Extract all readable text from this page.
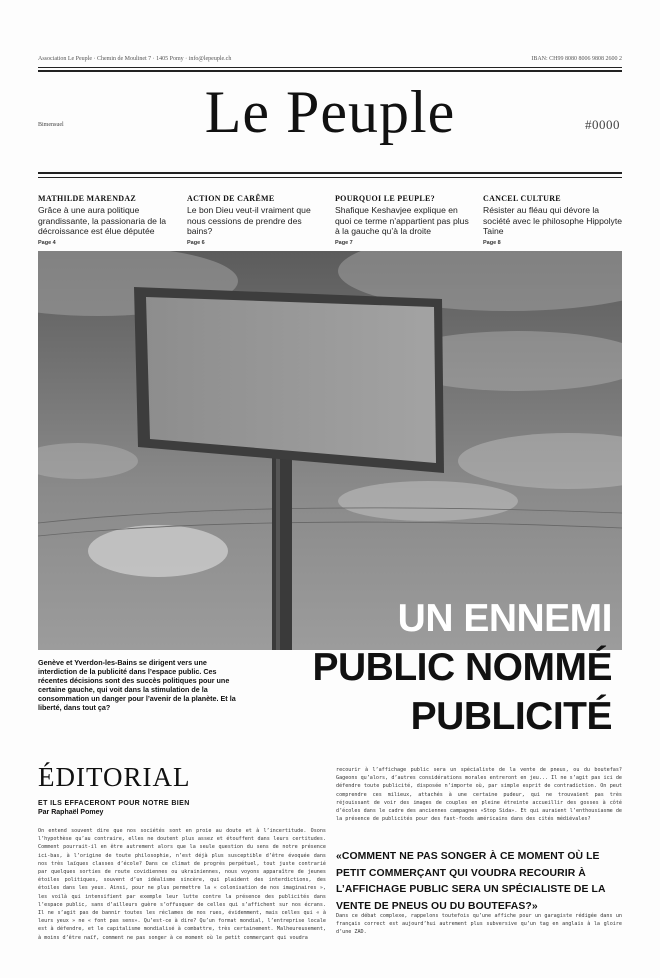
Association Le Peuple · Chemin de Moulinet 7 · 1405 Pomy · info@lepeuple.ch	IBAN: CH99 8080 8006 9808 2600 2
Bimensuel	Le Peuple	#0000
MATHILDE MARENDAZ
Grâce à une aura politique grandissante, la passionaria de la décroissance est élue députée
Page 4
ACTION DE CARÊME
Le bon Dieu veut-il vraiment que nous cessions de prendre des bains?
Page 6
POURQUOI LE PEUPLE?
Shafique Keshavjee explique en quoi ce terme n’appartient pas plus à la gauche qu’à la droite
Page 7
CANCEL CULTURE
Résister au fléau qui dévore la société avec le philosophe Hippolyte Taine
Page 8
UN ENNEMI
PUBLIC NOMMÉ
PUBLICITÉ
Genève et Yverdon-les-Bains se dirigent vers une interdiction de la publicité dans l’espace public. Ces récentes décisions sont des succès politiques pour une certaine gauche, qui voit dans la stimulation de la consommation un danger pour l’avenir de la planète. Et la liberté, dans tout ça?
ÉDITORIAL
ET ILS EFFACERONT POUR NOTRE BIEN
Par Raphaël Pomey
On entend souvent dire que nos sociétés sont en proie au doute et à l’incertitude. Osons l’hypothèse qu’au contraire, elles ne doutent plus assez et étouffent dans leurs certitudes. Comment pourrait-il en être autrement alors que la seule question du sens de notre présence ici-bas, à l’origine de toute philosophie, n’est déjà plus susceptible d’être évoquée dans nos très laïques classes d’école? Dans ce climat de progrès perpétuel, tout juste contrarié par quelques sorties de route covidiennes ou ukrainiennes, nous voyons apparaître de jeunes étoiles politiques, souvent d’un idéalisme sincère, qui plaident des interdictions, des étoiles dans les yeux. Ainsi, pour ne plus permettre la « colonisation de nos imaginaires », les voilà qui intensifient par exemple leur lutte contre la présence des publicités dans l’espace public, sans d’ailleurs guère s’offusquer de celles qui s’affichent sur nos écrans. Il ne s’agit pas de bannir toutes les réclames de nos rues, évidemment, mais celles qui « à leurs yeux » ne « font pas sens». Qu’est-ce à dire? Qu’un format mondial, l’entreprise locale est à défendre, et le capitalisme mondialisé à combattre, très certainement. Malheureusement, à moins d’être naïf, comment ne pas songer à ce moment où le petit commerçant qui voudra
recourir à l’affichage public sera un spécialiste de la vente de pneus, ou du boutefas? Gageons qu’alors, d’autres considérations morales entreront en jeu... Il ne s’agit pas ici de défendre toute publicité, disposée n’importe où, par simple esprit de contradiction. On peut comprendre ces milieux, attachés à une certaine pudeur, qui ne trouvaient pas très réjouissant de voir des images de couples en pleine étreinte accueillir des gosses à côté d’écoles dans le cadre des anciennes campagnes «Stop Sida». Et qui auraient l’enthousiasme de la présence de publicités pour des fast-foods américains dans des cités médiévales?
«COMMENT NE PAS SONGER À CE MOMENT OÙ LE PETIT COMMERÇANT QUI VOUDRA RECOURIR À L’AFFICHAGE PUBLIC SERA UN SPÉCIALISTE DE LA VENTE DE PNEUS OU DU BOUTEFAS?»
Dans ce débat complexe, rappelons toutefois qu’une affiche pour un garagiste rédigée dans un français correct est aujourd’hui autrement plus subversive qu’un tag en anglais à la gloire d’une ZAD.
